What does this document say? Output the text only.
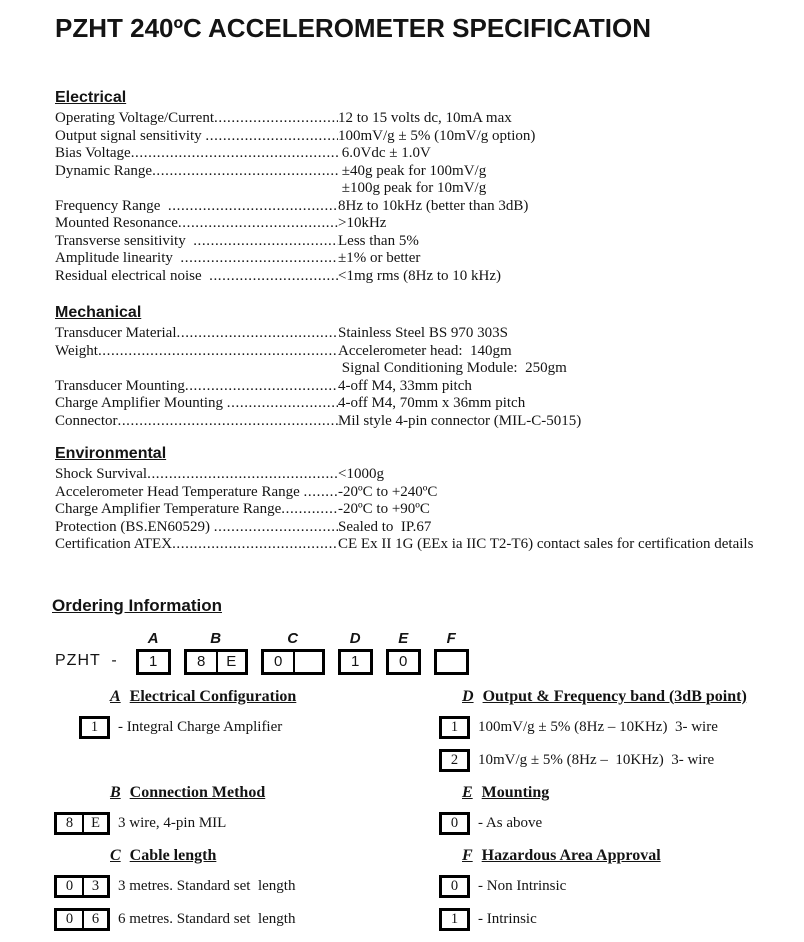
PZHT 240ºC ACCELEROMETER SPECIFICATION
Electrical
Operating Voltage/Current .....	12 to 15 volts dc, 10mA max
Output signal sensitivity .....	100mV/g ± 5% (10mV/g option)
Bias Voltage .....	6.0Vdc ± 1.0V
Dynamic Range .....	±40g peak for 100mV/g
±100g peak for 10mV/g
Frequency Range .....	8Hz to 10kHz (better than 3dB)
Mounted Resonance .....	>10kHz
Transverse sensitivity .....	Less than 5%
Amplitude linearity .....	±1% or better
Residual electrical noise .....	<1mg rms (8Hz to 10 kHz)
Mechanical
Transducer Material .....	Stainless Steel BS 970 303S
Weight .....	Accelerometer head:  140gm
Signal Conditioning Module:  250gm
Transducer Mounting .....	4-off M4, 33mm pitch
Charge Amplifier Mounting .....	4-off M4, 70mm x 36mm pitch
Connector .....	Mil style 4-pin connector (MIL-C-5015)
Environmental
Shock Survival .....	<1000g
Accelerometer Head Temperature Range ..... -20ºC to +240ºC
Charge Amplifier Temperature Range .....	-20ºC to +90ºC
Protection (BS.EN60529) .....	Sealed to  IP.67
Certification ATEX .....	CE Ex II 1G (EEx ia IIC T2-T6) contact sales for certification details
Ordering Information
PZHT  -
A
1
B
8	E
C
0
D
1
E
0
F
A Electrical Configuration
1	- Integral Charge Amplifier
D Output & Frequency band (3dB point)
1	100mV/g ± 5% (8Hz – 10KHz)  3- wire
2	10mV/g ± 5% (8Hz –  10KHz)  3- wire
B Connection Method
8	E	3 wire, 4-pin MIL
E Mounting
0	- As above
C Cable length
0	3	3 metres. Standard set  length
0	6	6 metres. Standard set  length
F Hazardous Area Approval
0	- Non Intrinsic
1	- Intrinsic
